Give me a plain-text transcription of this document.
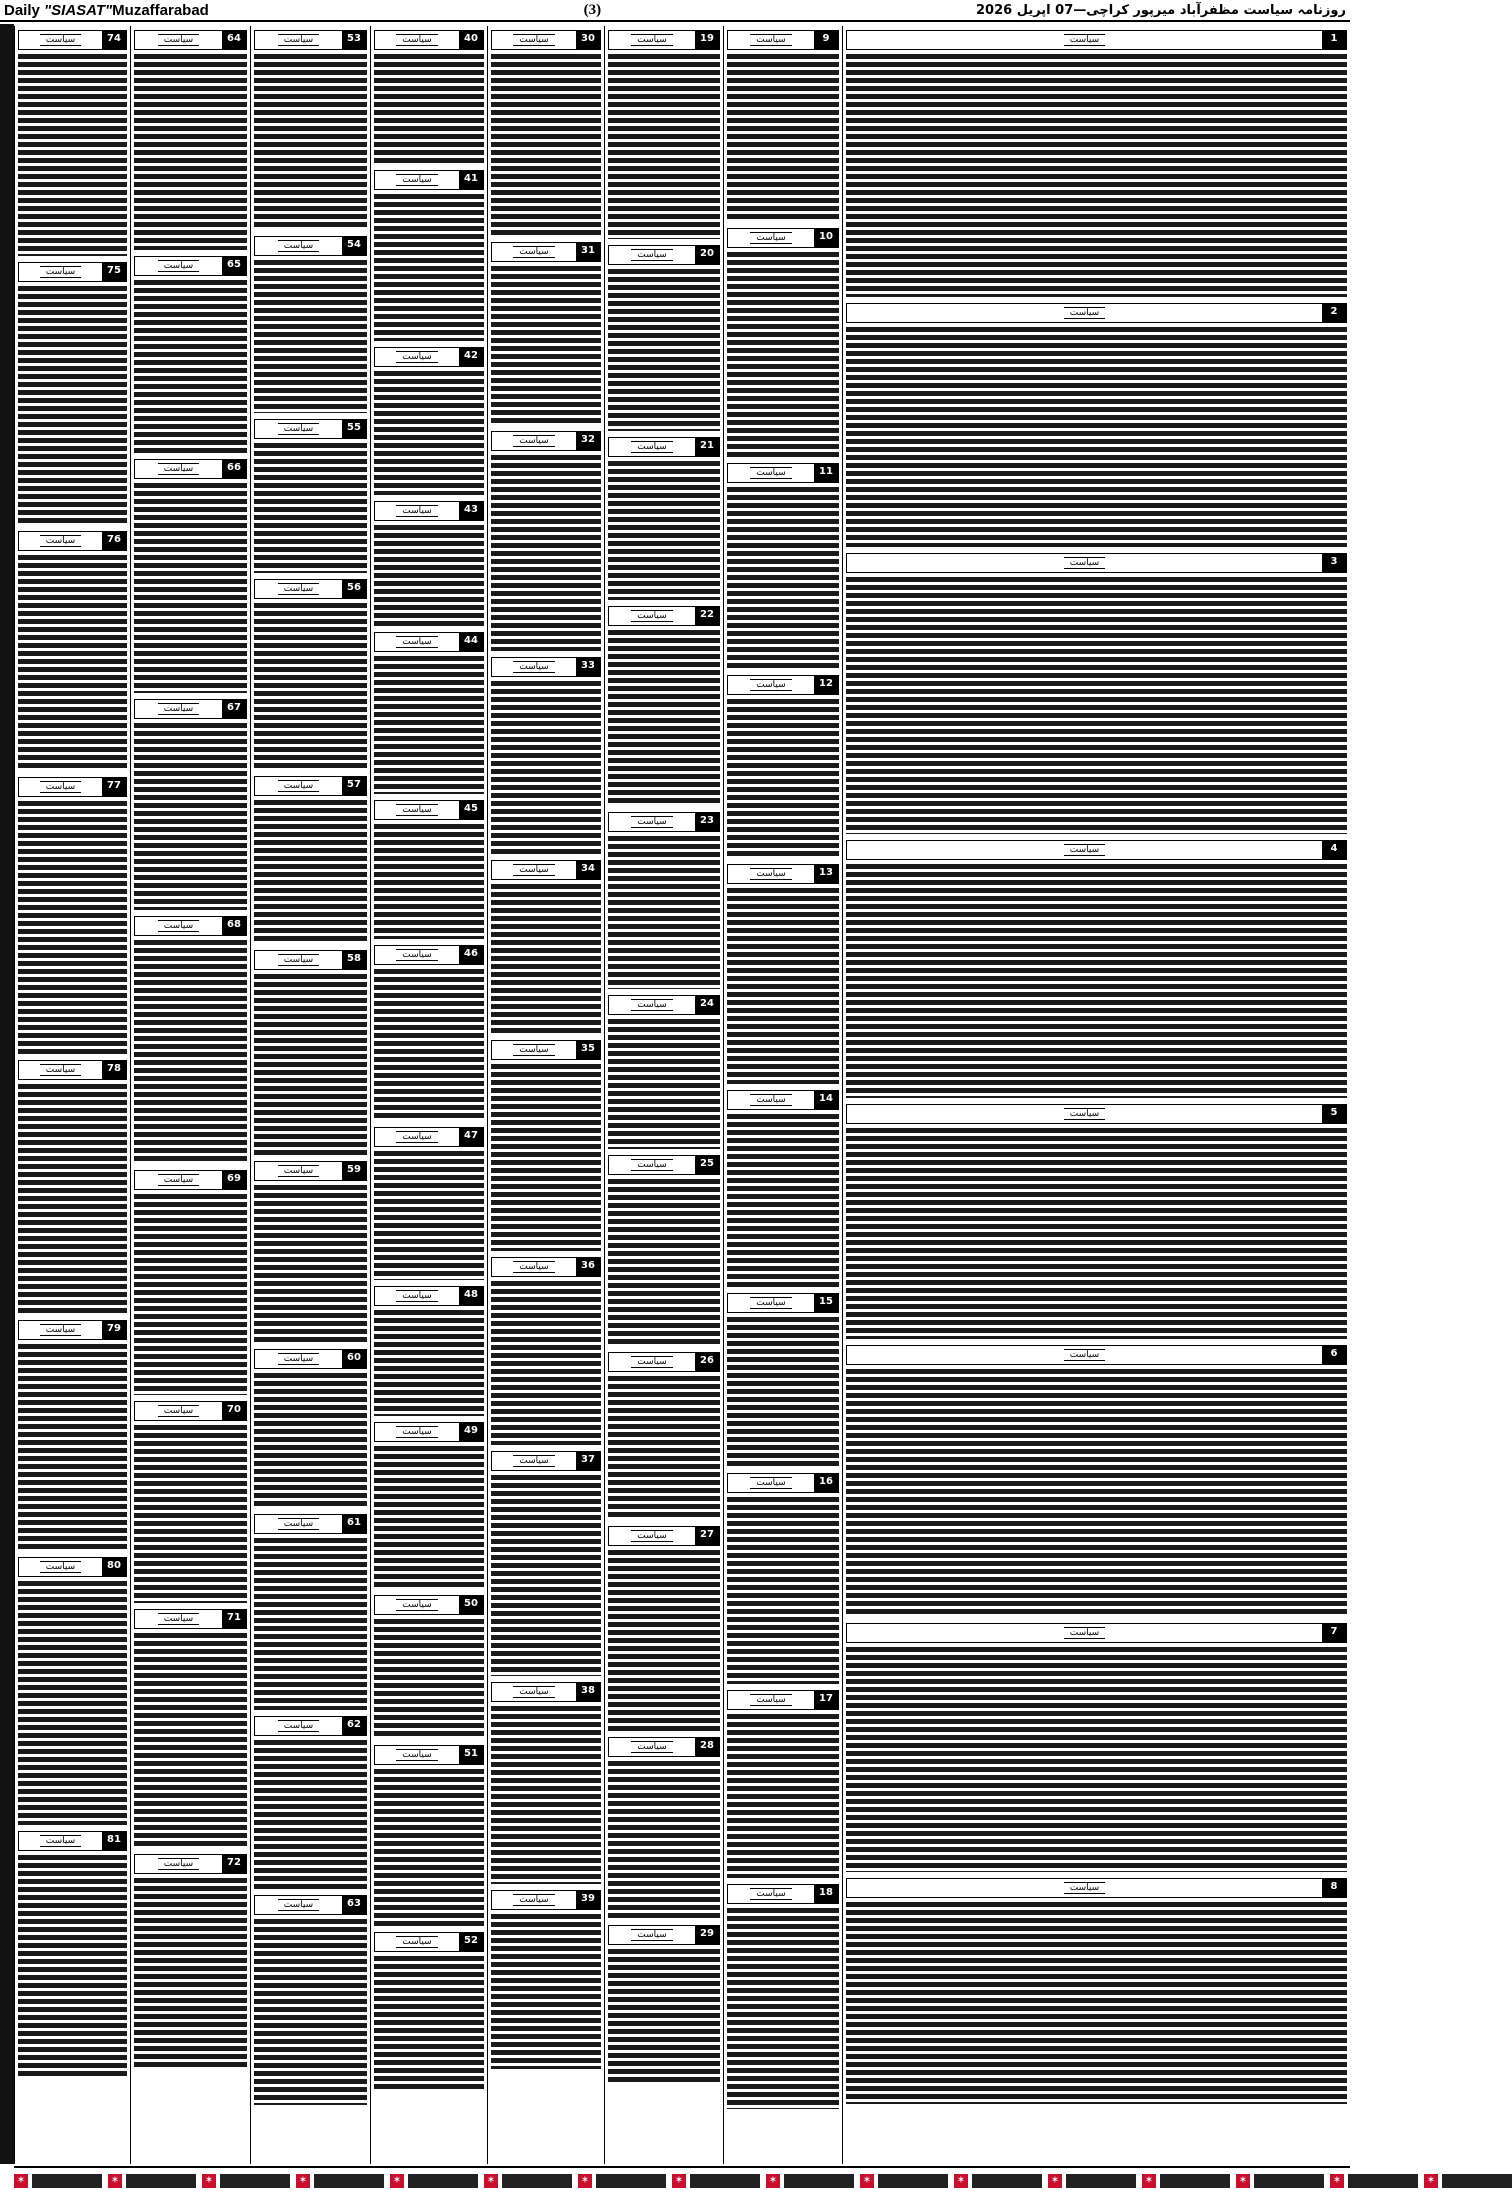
Daily "SIASAT"Muzaffarabad	(3)	روزنامہ سیاست مظفرآباد میرپور کراچی—07 اپریل 2026
سیاست	74
سیاست	75
سیاست	76
سیاست	77
سیاست	78
سیاست	79
سیاست	80
سیاست	81
سیاست	64
سیاست	65
سیاست	66
سیاست	67
سیاست	68
سیاست	69
سیاست	70
سیاست	71
سیاست	72
سیاست	53
سیاست	54
سیاست	55
سیاست	56
سیاست	57
سیاست	58
سیاست	59
سیاست	60
سیاست	61
سیاست	62
سیاست	63
سیاست	40
سیاست	41
سیاست	42
سیاست	43
سیاست	44
سیاست	45
سیاست	46
سیاست	47
سیاست	48
سیاست	49
سیاست	50
سیاست	51
سیاست	52
سیاست	30
سیاست	31
سیاست	32
سیاست	33
سیاست	34
سیاست	35
سیاست	36
سیاست	37
سیاست	38
سیاست	39
سیاست	19
سیاست	20
سیاست	21
سیاست	22
سیاست	23
سیاست	24
سیاست	25
سیاست	26
سیاست	27
سیاست	28
سیاست	29
سیاست	9
سیاست	10
سیاست	11
سیاست	12
سیاست	13
سیاست	14
سیاست	15
سیاست	16
سیاست	17
سیاست	18
سیاست	1
سیاست	2
سیاست	3
سیاست	4
سیاست	5
سیاست	6
سیاست	7
سیاست	8
✶	✶	✶	✶	✶	✶	✶	✶	✶	✶	✶	✶	✶	✶	✶	✶
